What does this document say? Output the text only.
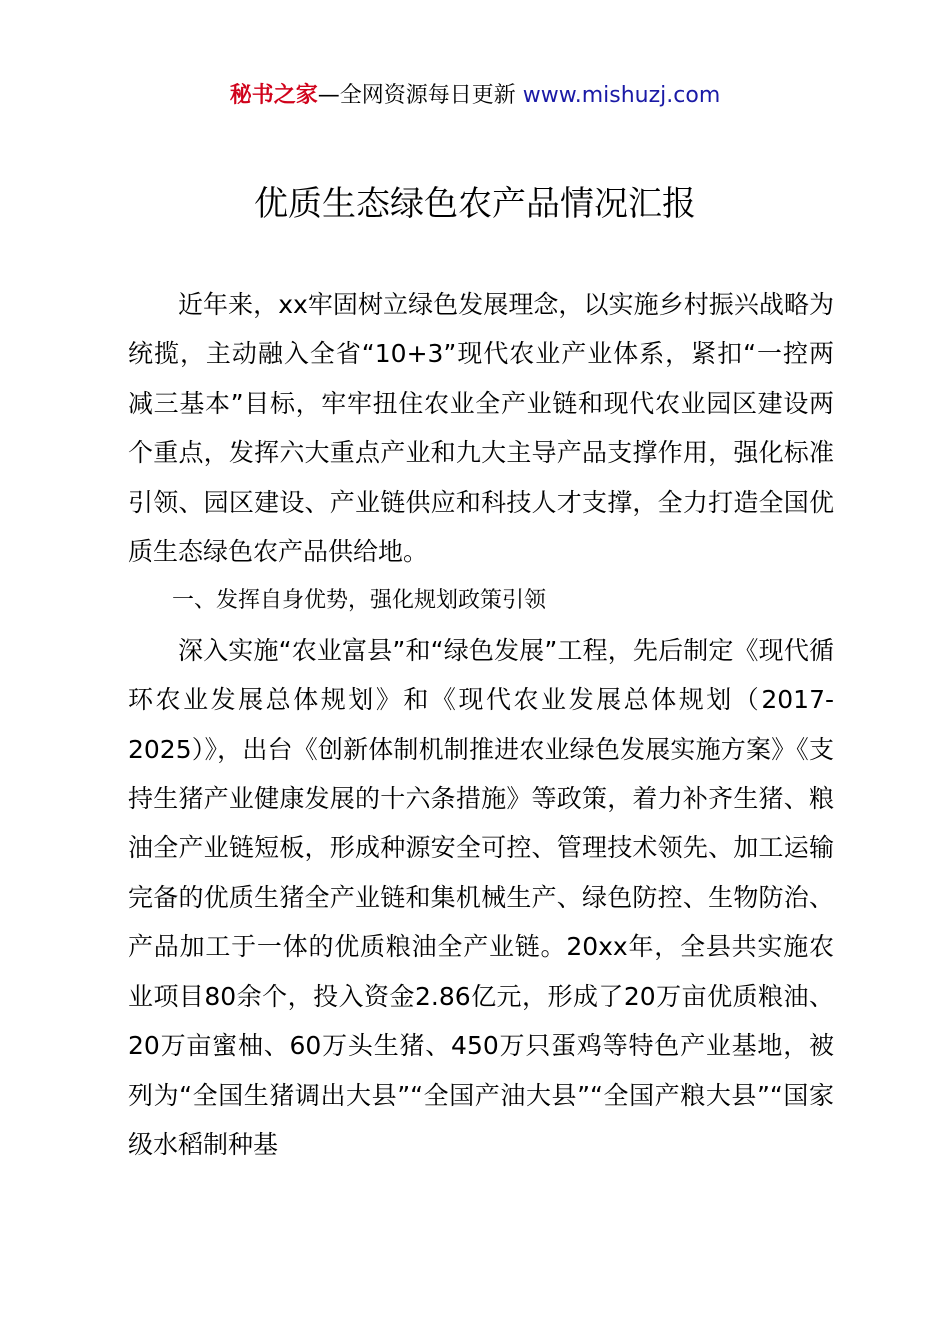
秘书之家—全网资源每日更新 www.mishuzj.com
优质生态绿色农产品情况汇报

近年来，xx牢固树立绿色发展理念，以实施乡村振兴战略为统揽，主动融入全省“10+3”现代农业产业体系，紧扣“一控两减三基本”目标，牢牢扭住农业全产业链和现代农业园区建设两个重点，发挥六大重点产业和九大主导产品支撑作用，强化标准引领、园区建设、产业链供应和科技人才支撑，全力打造全国优质生态绿色农产品供给地。

一、发挥自身优势，强化规划政策引领

深入实施“农业富县”和“绿色发展”工程，先后制定《现代循环农业发展总体规划》和《现代农业发展总体规划（2017-2025）》，出台《创新体制机制推进农业绿色发展实施方案》《支持生猪产业健康发展的十六条措施》等政策，着力补齐生猪、粮油全产业链短板，形成种源安全可控、管理技术领先、加工运输完备的优质生猪全产业链和集机械生产、绿色防控、生物防治、产品加工于一体的优质粮油全产业链。20xx年，全县共实施农业项目80余个，投入资金2.86亿元，形成了20万亩优质粮油、20万亩蜜柚、60万头生猪、450万只蛋鸡等特色产业基地，被列为“全国生猪调出大县”“全国产油大县”“全国产粮大县”“国家级水稻制种基
